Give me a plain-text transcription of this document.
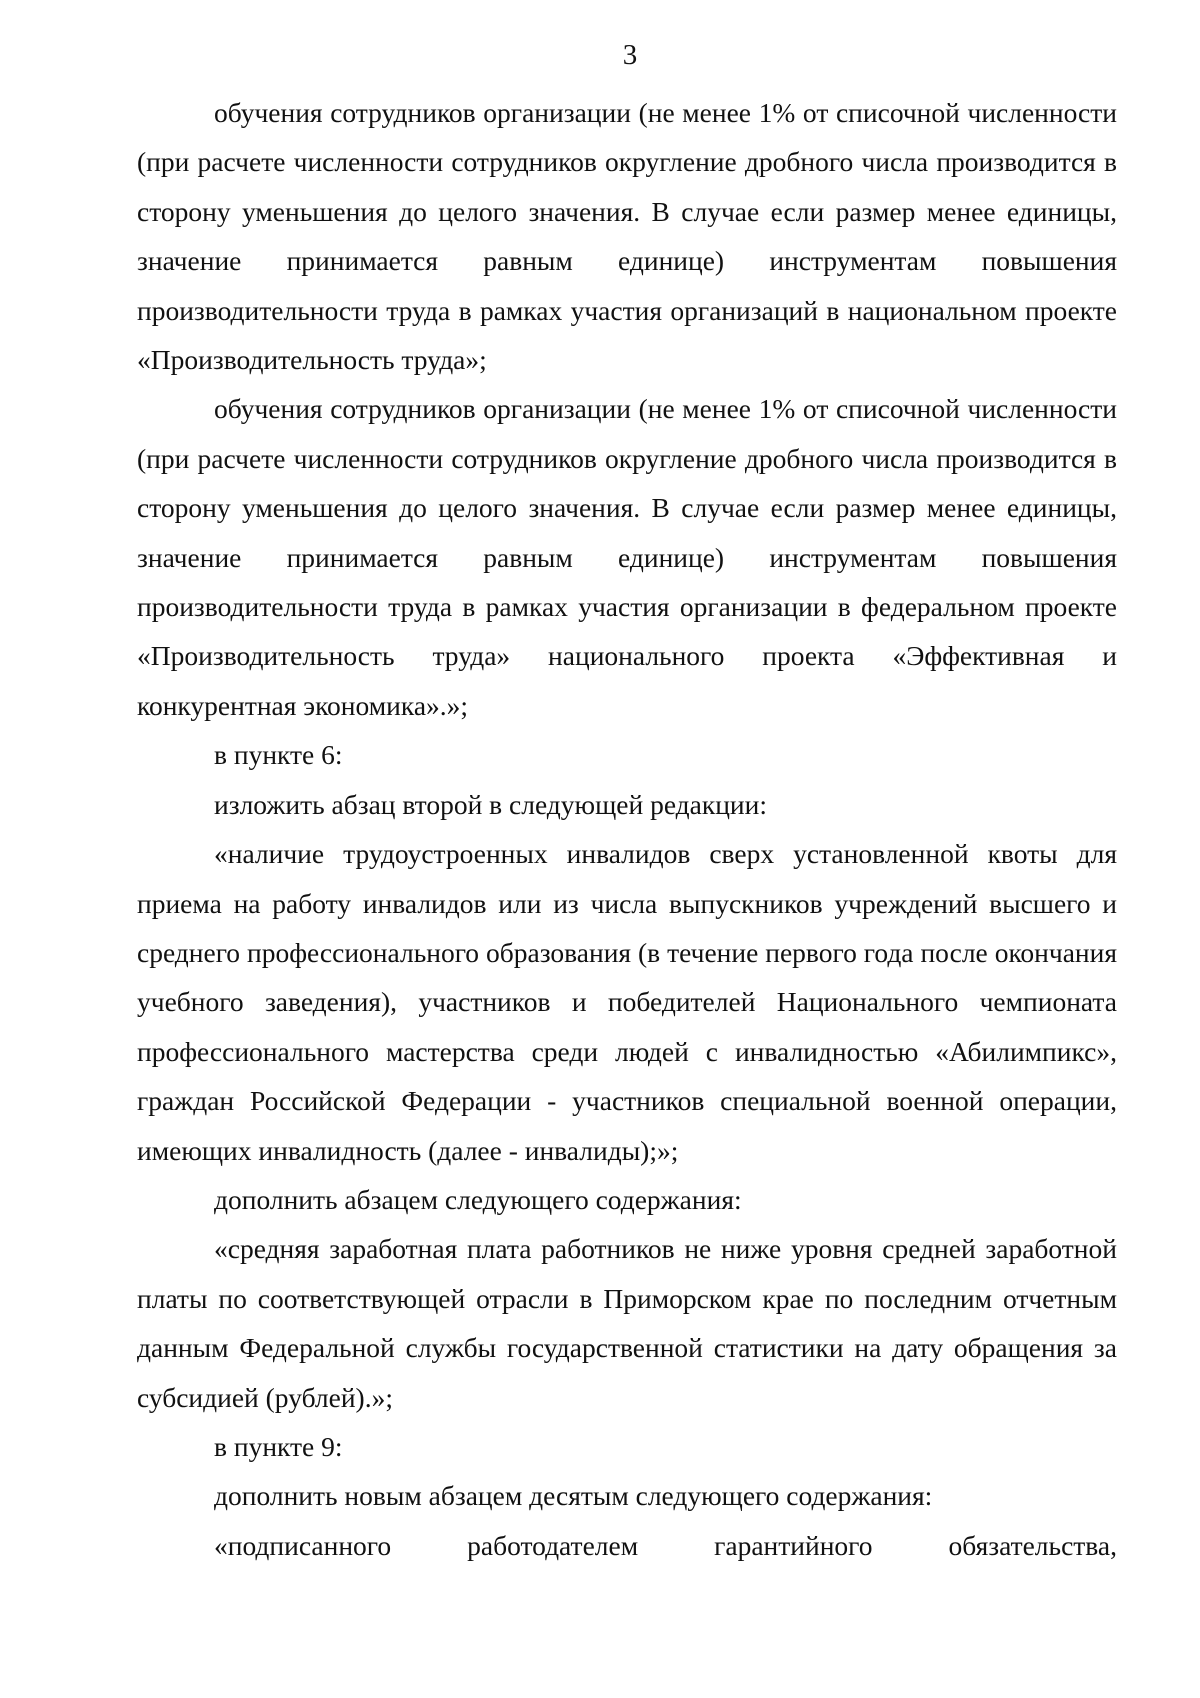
3

обучения сотрудников организации (не менее 1% от списочной численности (при расчете численности сотрудников округление дробного числа производится в сторону уменьшения до целого значения. В случае если размер менее единицы, значение принимается равным единице) инструментам повышения производительности труда в рамках участия организаций в национальном проекте «Производительность труда»;

обучения сотрудников организации (не менее 1% от списочной численности (при расчете численности сотрудников округление дробного числа производится в сторону уменьшения до целого значения. В случае если размер менее единицы, значение принимается равным единице) инструментам повышения производительности труда в рамках участия организации в федеральном проекте «Производительность труда» национального проекта «Эффективная и конкурентная экономика».»;

в пункте 6:

изложить абзац второй в следующей редакции:

«наличие трудоустроенных инвалидов сверх установленной квоты для приема на работу инвалидов или из числа выпускников учреждений высшего и среднего профессионального образования (в течение первого года после окончания учебного заведения), участников и победителей Национального чемпионата профессионального мастерства среди людей с инвалидностью «Абилимпикс», граждан Российской Федерации - участников специальной военной операции, имеющих инвалидность (далее - инвалиды);»;

дополнить абзацем следующего содержания:

«средняя заработная плата работников не ниже уровня средней заработной платы по соответствующей отрасли в Приморском крае по последним отчетным данным Федеральной службы государственной статистики на дату обращения за субсидией (рублей).»;

в пункте 9:

дополнить новым абзацем десятым следующего содержания:

«подписанного работодателем гарантийного обязательства,
